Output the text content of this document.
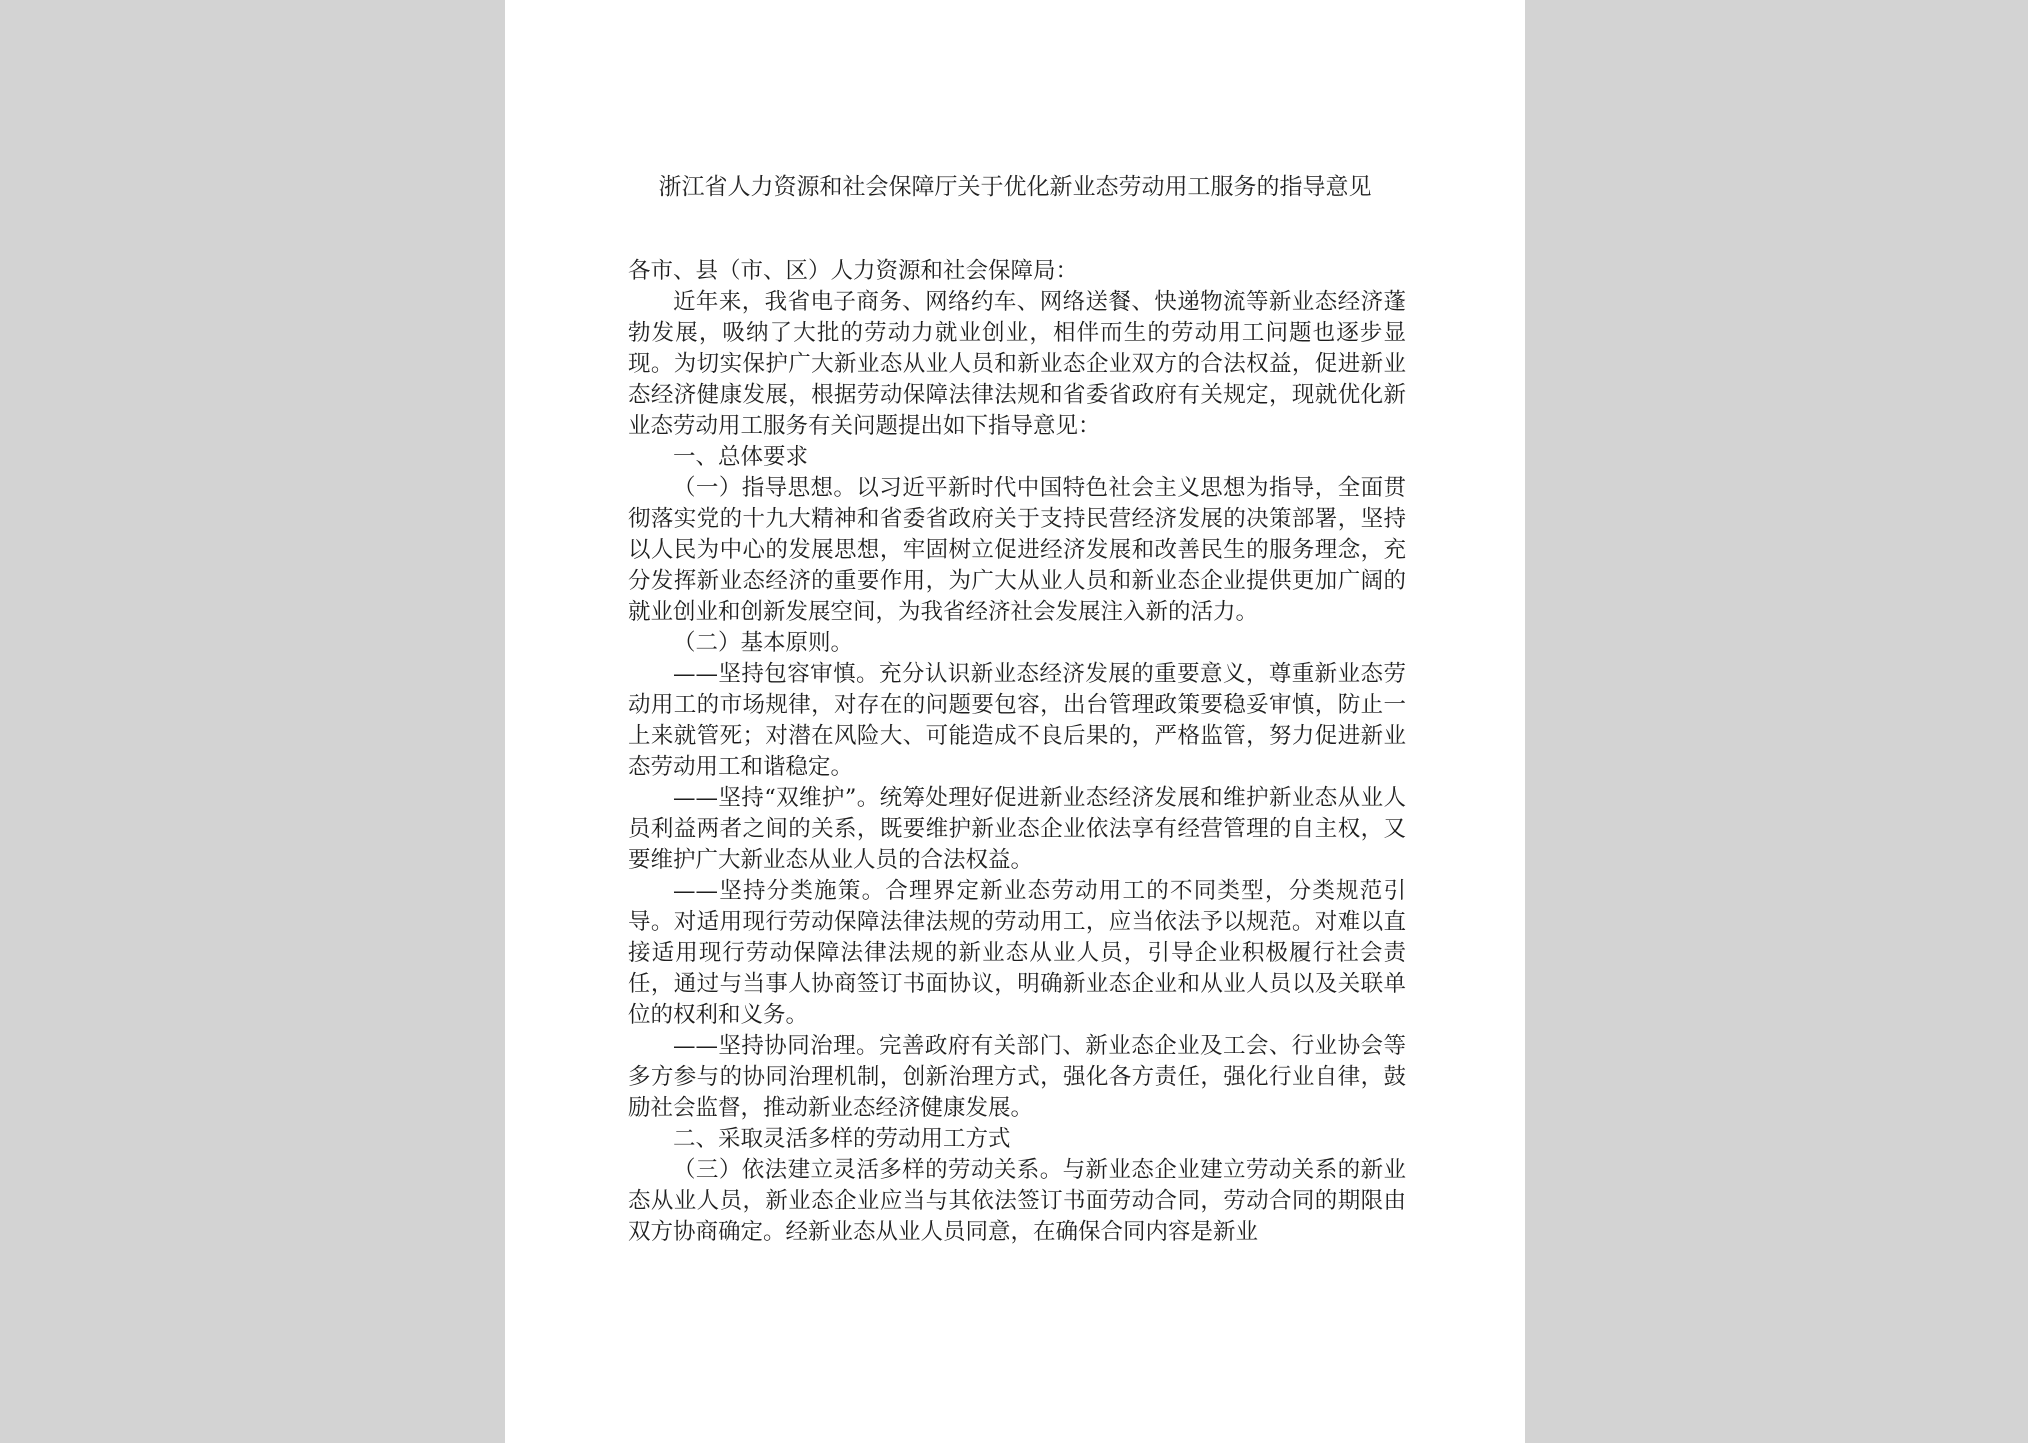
浙江省人力资源和社会保障厅关于优化新业态劳动用工服务的指导意见

各市、县（市、区）人力资源和社会保障局：

近年来，我省电子商务、网络约车、网络送餐、快递物流等新业态经济蓬勃发展，吸纳了大批的劳动力就业创业，相伴而生的劳动用工问题也逐步显现。为切实保护广大新业态从业人员和新业态企业双方的合法权益，促进新业态经济健康发展，根据劳动保障法律法规和省委省政府有关规定，现就优化新业态劳动用工服务有关问题提出如下指导意见：

一、总体要求

（一）指导思想。以习近平新时代中国特色社会主义思想为指导，全面贯彻落实党的十九大精神和省委省政府关于支持民营经济发展的决策部署，坚持以人民为中心的发展思想，牢固树立促进经济发展和改善民生的服务理念，充分发挥新业态经济的重要作用，为广大从业人员和新业态企业提供更加广阔的就业创业和创新发展空间，为我省经济社会发展注入新的活力。

（二）基本原则。

——坚持包容审慎。充分认识新业态经济发展的重要意义，尊重新业态劳动用工的市场规律，对存在的问题要包容，出台管理政策要稳妥审慎，防止一上来就管死；对潜在风险大、可能造成不良后果的，严格监管，努力促进新业态劳动用工和谐稳定。

——坚持“双维护”。统筹处理好促进新业态经济发展和维护新业态从业人员利益两者之间的关系，既要维护新业态企业依法享有经营管理的自主权，又要维护广大新业态从业人员的合法权益。

——坚持分类施策。合理界定新业态劳动用工的不同类型，分类规范引导。对适用现行劳动保障法律法规的劳动用工，应当依法予以规范。对难以直接适用现行劳动保障法律法规的新业态从业人员，引导企业积极履行社会责任，通过与当事人协商签订书面协议，明确新业态企业和从业人员以及关联单位的权利和义务。

——坚持协同治理。完善政府有关部门、新业态企业及工会、行业协会等多方参与的协同治理机制，创新治理方式，强化各方责任，强化行业自律，鼓励社会监督，推动新业态经济健康发展。

二、采取灵活多样的劳动用工方式

（三）依法建立灵活多样的劳动关系。与新业态企业建立劳动关系的新业态从业人员，新业态企业应当与其依法签订书面劳动合同，劳动合同的期限由双方协商确定。经新业态从业人员同意，在确保合同内容是新业
